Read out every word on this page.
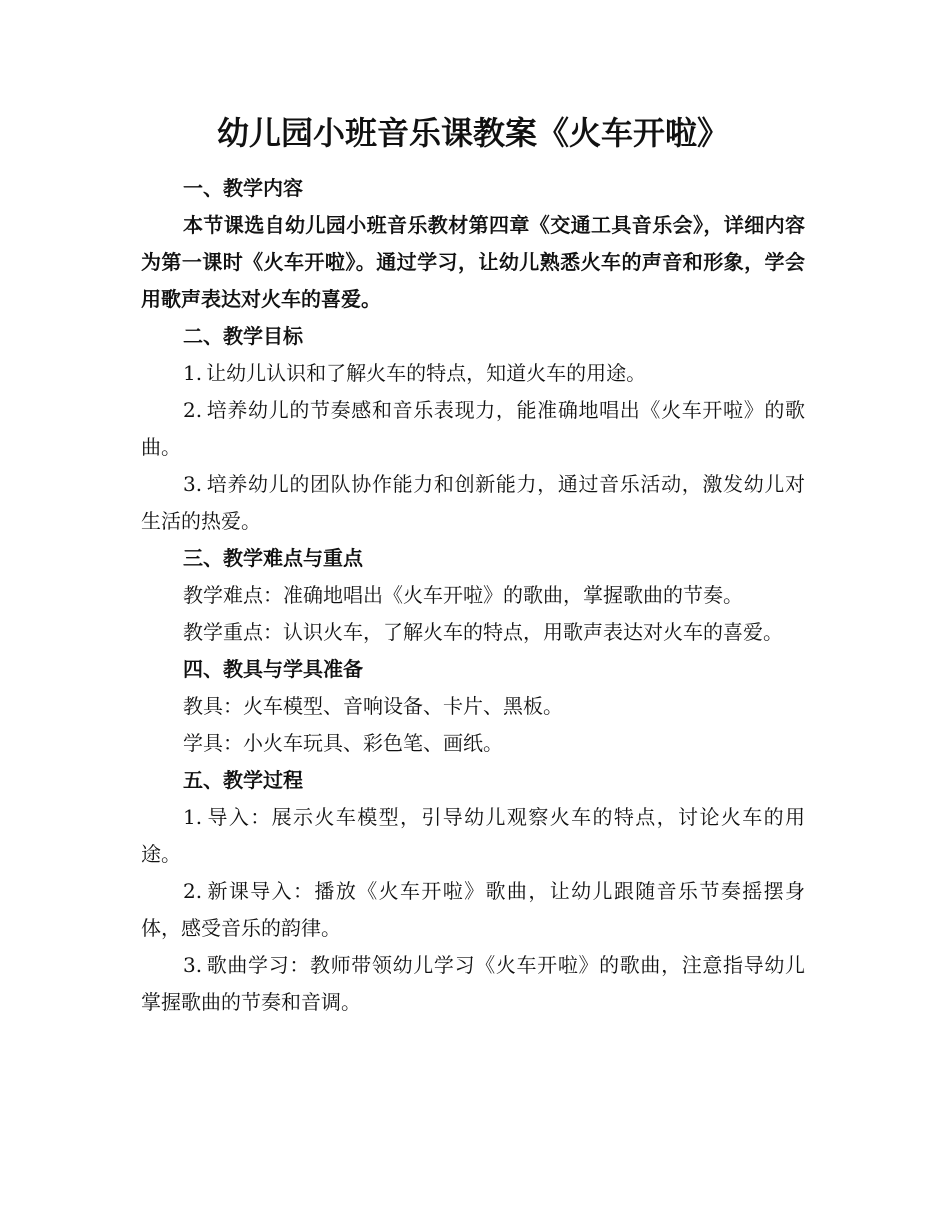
幼儿园小班音乐课教案《火车开啦》

一、教学内容

本节课选自幼儿园小班音乐教材第四章《交通工具音乐会》，详细内容为第一课时《火车开啦》。通过学习，让幼儿熟悉火车的声音和形象，学会用歌声表达对火车的喜爱。

二、教学目标

1. 让幼儿认识和了解火车的特点，知道火车的用途。

2. 培养幼儿的节奏感和音乐表现力，能准确地唱出《火车开啦》的歌曲。

3. 培养幼儿的团队协作能力和创新能力，通过音乐活动，激发幼儿对生活的热爱。

三、教学难点与重点

教学难点：准确地唱出《火车开啦》的歌曲，掌握歌曲的节奏。

教学重点：认识火车，了解火车的特点，用歌声表达对火车的喜爱。

四、教具与学具准备

教具：火车模型、音响设备、卡片、黑板。

学具：小火车玩具、彩色笔、画纸。

五、教学过程

1. 导入：展示火车模型，引导幼儿观察火车的特点，讨论火车的用途。

2. 新课导入：播放《火车开啦》歌曲，让幼儿跟随音乐节奏摇摆身体，感受音乐的韵律。

3. 歌曲学习：教师带领幼儿学习《火车开啦》的歌曲，注意指导幼儿掌握歌曲的节奏和音调。
